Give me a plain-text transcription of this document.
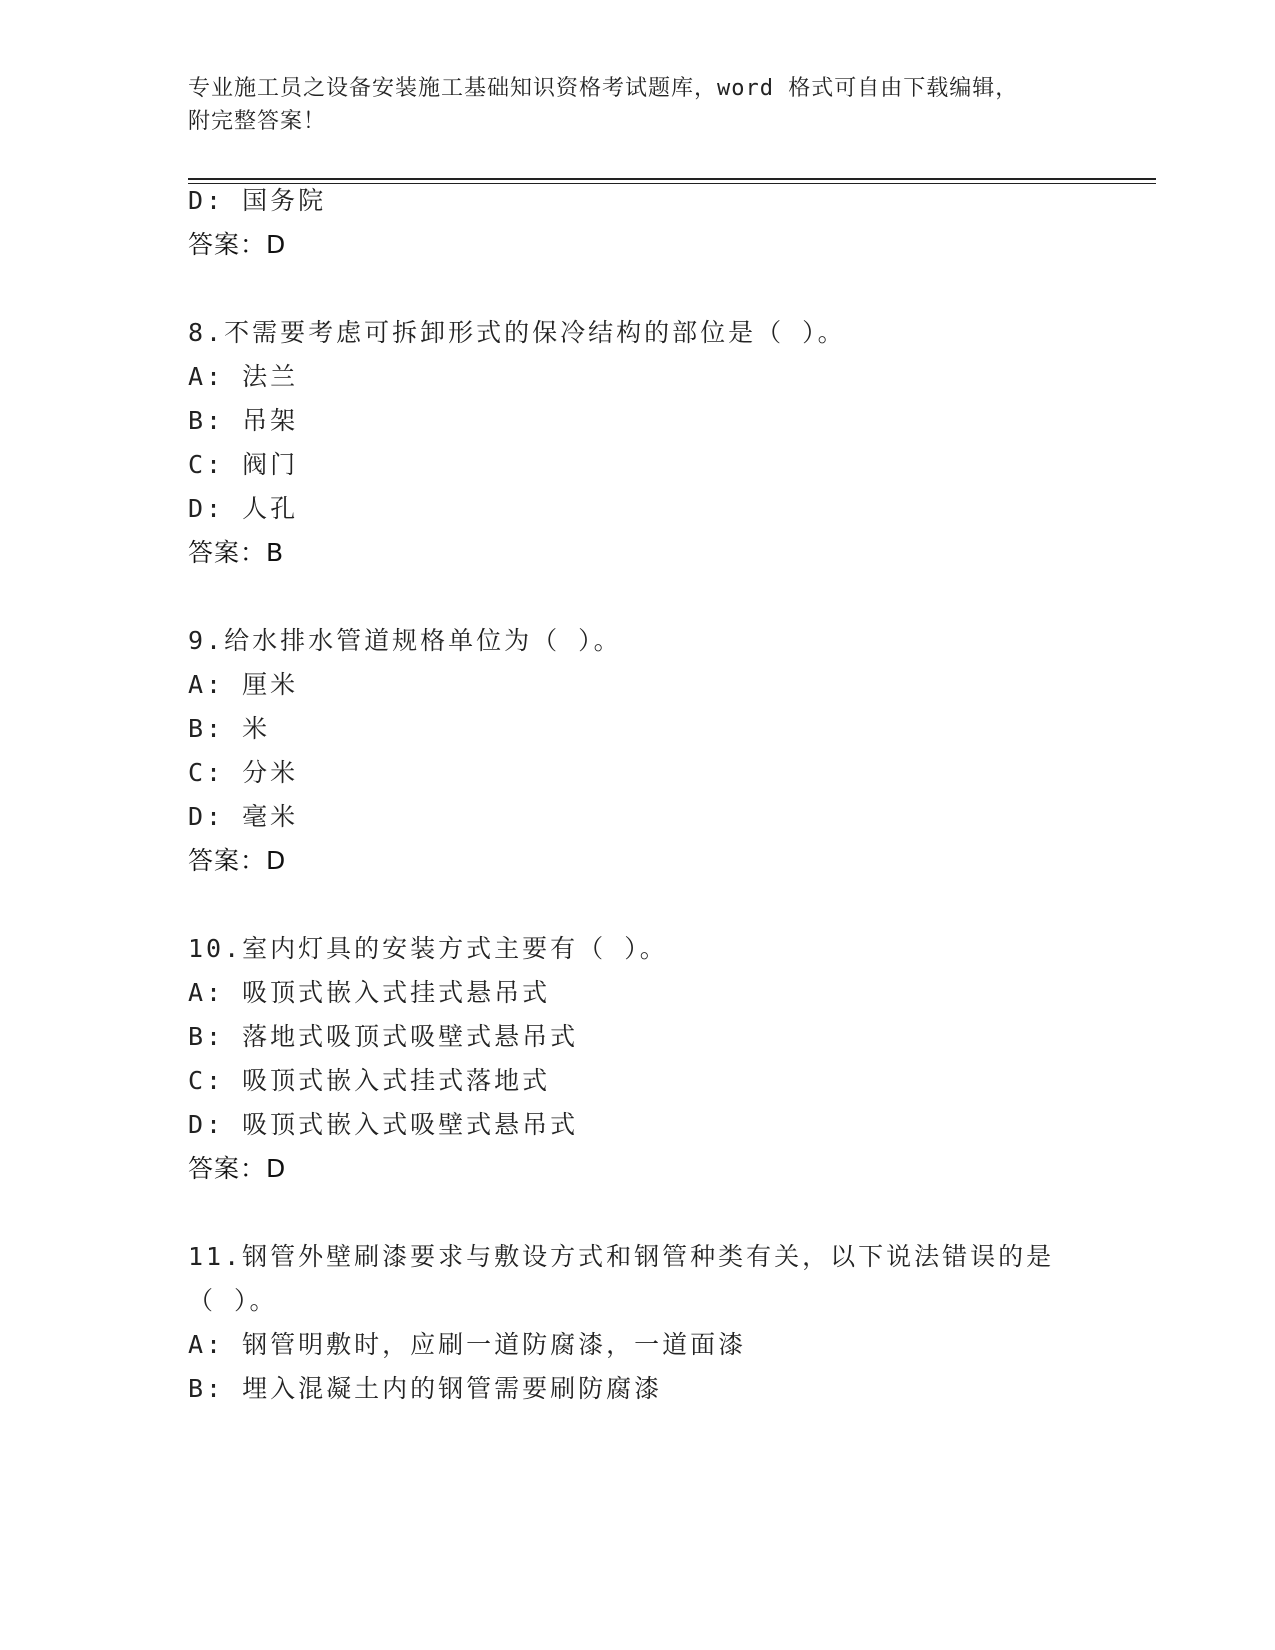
专业施工员之设备安装施工基础知识资格考试题库，word 格式可自由下载编辑，
附完整答案！
D: 国务院
答案：D
8.不需要考虑可拆卸形式的保冷结构的部位是（ ）。
A: 法兰
B: 吊架
C: 阀门
D: 人孔
答案：B
9.给水排水管道规格单位为（ ）。
A: 厘米
B: 米
C: 分米
D: 毫米
答案：D
10.室内灯具的安装方式主要有（ ）。
A: 吸顶式嵌入式挂式悬吊式
B: 落地式吸顶式吸壁式悬吊式
C: 吸顶式嵌入式挂式落地式
D: 吸顶式嵌入式吸壁式悬吊式
答案：D
11.钢管外壁刷漆要求与敷设方式和钢管种类有关，以下说法错误的是
（ ）。
A: 钢管明敷时，应刷一道防腐漆，一道面漆
B: 埋入混凝土内的钢管需要刷防腐漆
